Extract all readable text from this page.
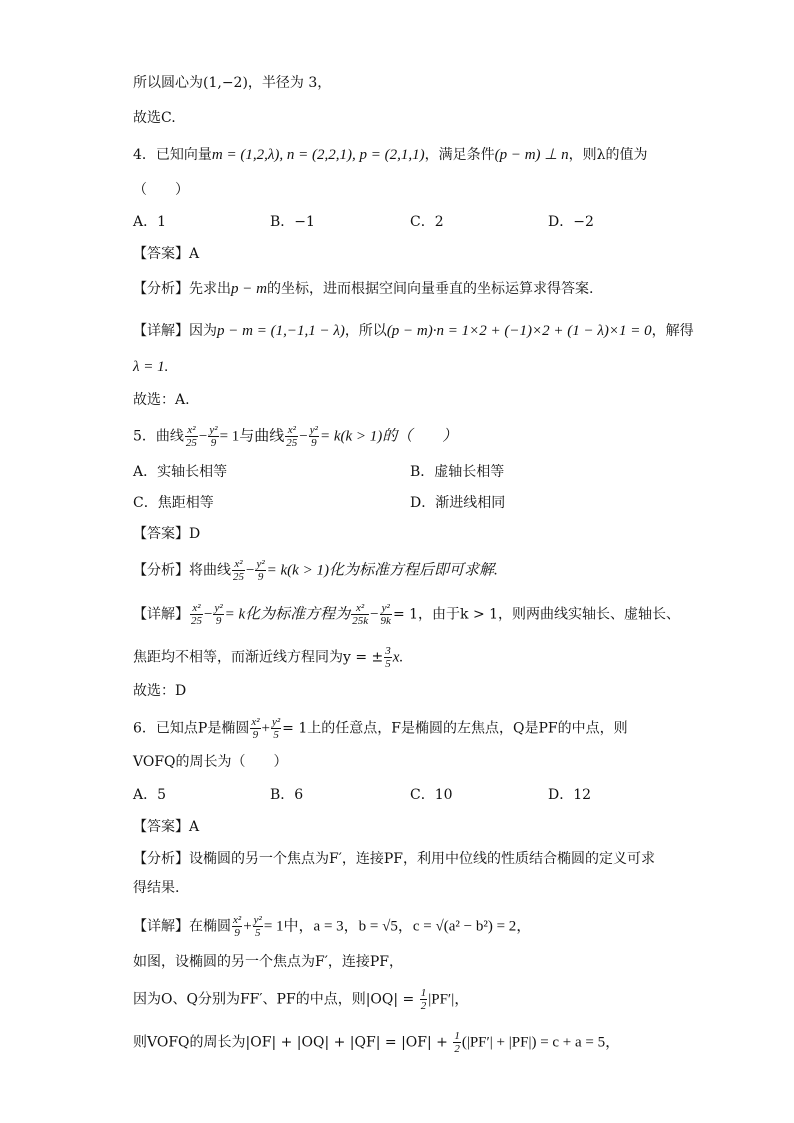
所以圆心为(1,−2)，半径为 3，
故选C.
4．已知向量m = (1,2,λ), n = (2,2,1), p = (2,1,1)，满足条件(p − m) ⊥ n，则λ的值为
（　　）
A．1	B．−1	C．2	D．−2
【答案】A
【分析】先求出p − m的坐标，进而根据空间向量垂直的坐标运算求得答案.
【详解】因为p − m = (1,−1,1 − λ)，所以(p − m)·n = 1×2 + (−1)×2 + (1 − λ)×1 = 0，解得
λ = 1.
故选：A.
5．曲线 $\frac{\text{x²}}{25} - \frac{\text{y²}}{9} = 1$与曲线 $\frac{\text{x²}}{25} - \frac{\text{y²}}{9} = k(k > 1)$的（　　）
A．实轴长相等	B．虚轴长相等
C．焦距相等	D．渐进线相同
【答案】D
【分析】将曲线 $\frac{\text{x²}}{25} - \frac{\text{y²}}{9} = k(k > 1)$化为标准方程后即可求解.
【详解】 $\frac{\text{x²}}{25} - \frac{\text{y²}}{9} = k$化为标准方程为 $\frac{\text{x²}}{25k} - \frac{\text{y²}}{9k} = 1$，由于k > 1，则两曲线实轴长、虚轴长、
焦距均不相等，而渐近线方程同为y = ± $\frac{3}{5} x$.
故选：D
6．已知点P是椭圆 $\frac{\text{x²}}{9} + \frac{\text{y²}}{5} = 1$上的任意点，F是椭圆的左焦点，Q是PF的中点，则
VOFQ的周长为（　　）
A．5	B．6	C．10	D．12
【答案】A
【分析】设椭圆的另一个焦点为F′，连接PF，利用中位线的性质结合椭圆的定义可求
得结果.
【详解】在椭圆 $\frac{\text{x²}}{9} + \frac{\text{y²}}{5} = 1$中，a = 3，b = √5，c = √(a² − b²) = 2，
如图，设椭圆的另一个焦点为F′，连接PF，
因为O、Q分别为FF′、PF的中点，则$|OQ| = \frac{1}{2} |PF'|$，
则VOFQ的周长为$|OF| + |OQ| + |QF| = |OF| + \frac{1}{2} (|PF'| + |PF|) = c + a = 5$，
